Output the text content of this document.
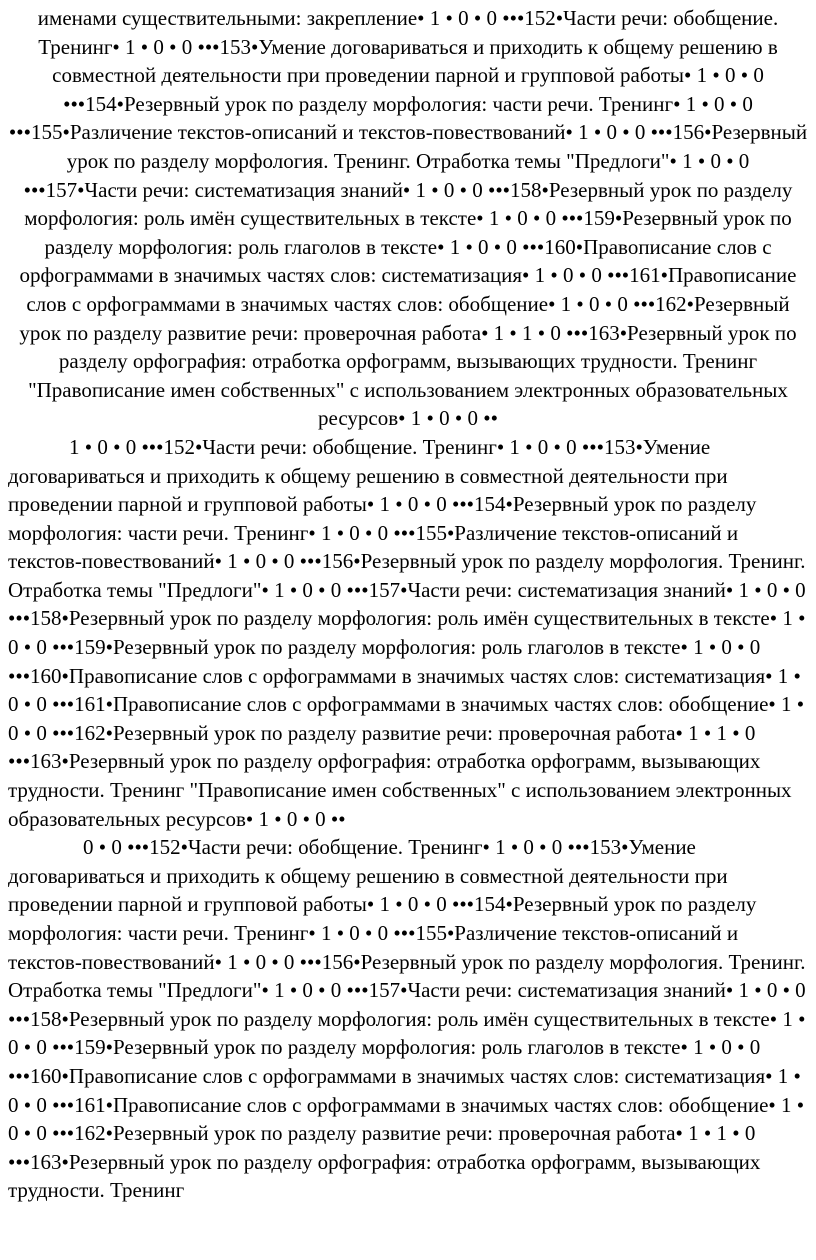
именами существительными: закрепление• 1 • 0 • 0 •••152•Части речи: обобщение. Тренинг• 1 • 0 • 0 •••153•Умение договариваться и приходить к общему решению в совместной деятельности при проведении парной и групповой работы• 1 • 0 • 0 •••154•Резервный урок по разделу морфология: части речи. Тренинг• 1 • 0 • 0 •••155•Различение текстов-описаний и текстов-повествований• 1 • 0 • 0 •••156•Резервный урок по разделу морфология. Тренинг. Отработка темы "Предлоги"• 1 • 0 • 0 •••157•Части речи: систематизация знаний• 1 • 0 • 0 •••158•Резервный урок по разделу морфология: роль имён существительных в тексте• 1 • 0 • 0 •••159•Резервный урок по разделу морфология: роль глаголов в тексте• 1 • 0 • 0 •••160•Правописание слов с орфограммами в значимых частях слов: систематизация• 1 • 0 • 0 •••161•Правописание слов с орфограммами в значимых частях слов: обобщение• 1 • 0 • 0 •••162•Резервный урок по разделу развитие речи: проверочная работа• 1 • 1 • 0 •••163•Резервный урок по разделу орфография: отработка орфограмм, вызывающих трудности. Тренинг "Правописание имен собственных" с использованием электронных образовательных ресурсов• 1 • 0 • 0 ••

1 • 0 • 0 •••152•Части речи: обобщение. Тренинг• 1 • 0 • 0 •••153•Умение договариваться и приходить к общему решению в совместной деятельности при проведении парной и групповой работы• 1 • 0 • 0 •••154•Резервный урок по разделу морфология: части речи. Тренинг• 1 • 0 • 0 •••155•Различение текстов-описаний и текстов-повествований• 1 • 0 • 0 •••156•Резервный урок по разделу морфология. Тренинг. Отработка темы "Предлоги"• 1 • 0 • 0 •••157•Части речи: систематизация знаний• 1 • 0 • 0 •••158•Резервный урок по разделу морфология: роль имён существительных в тексте• 1 • 0 • 0 •••159•Резервный урок по разделу морфология: роль глаголов в тексте• 1 • 0 • 0 •••160•Правописание слов с орфограммами в значимых частях слов: систематизация• 1 • 0 • 0 •••161•Правописание слов с орфограммами в значимых частях слов: обобщение• 1 • 0 • 0 •••162•Резервный урок по разделу развитие речи: проверочная работа• 1 • 1 • 0 •••163•Резервный урок по разделу орфография: отработка орфограмм, вызывающих трудности. Тренинг "Правописание имен собственных" с использованием электронных образовательных ресурсов• 1 • 0 • 0 ••

0 • 0 •••152•Части речи: обобщение. Тренинг• 1 • 0 • 0 •••153•Умение договариваться и приходить к общему решению в совместной деятельности при проведении парной и групповой работы• 1 • 0 • 0 •••154•Резервный урок по разделу морфология: части речи. Тренинг• 1 • 0 • 0 •••155•Различение текстов-описаний и текстов-повествований• 1 • 0 • 0 •••156•Резервный урок по разделу морфология. Тренинг. Отработка темы "Предлоги"• 1 • 0 • 0 •••157•Части речи: систематизация знаний• 1 • 0 • 0 •••158•Резервный урок по разделу морфология: роль имён существительных в тексте• 1 • 0 • 0 •••159•Резервный урок по разделу морфология: роль глаголов в тексте• 1 • 0 • 0 •••160•Правописание слов с орфограммами в значимых частях слов: систематизация• 1 • 0 • 0 •••161•Правописание слов с орфограммами в значимых частях слов: обобщение• 1 • 0 • 0 •••162•Резервный урок по разделу развитие речи: проверочная работа• 1 • 1 • 0 •••163•Резервный урок по разделу орфография: отработка орфограмм, вызывающих трудности. Тренинг
